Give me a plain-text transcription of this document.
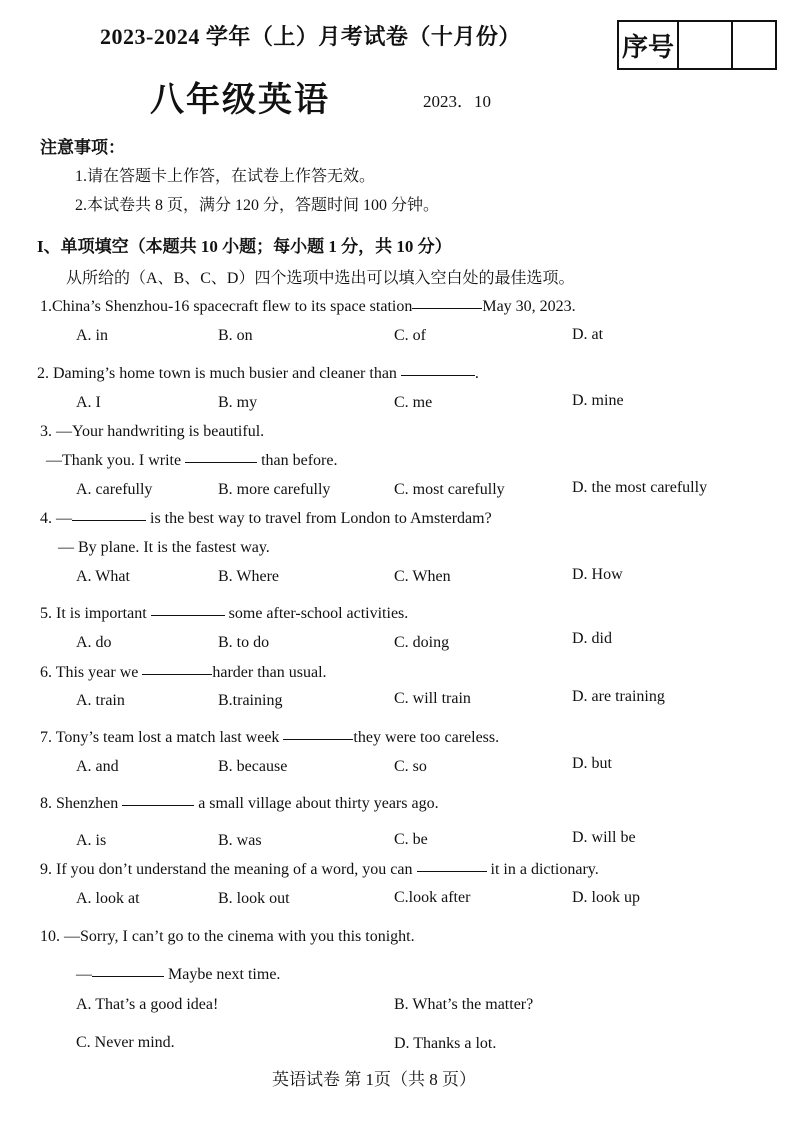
2023-2024 学年（上）月考试卷（十月份）
八年级英语	2023．10
序号
注意事项：
1.请在答题卡上作答，在试卷上作答无效。
2.本试卷共 8 页，满分 120 分，答题时间 100 分钟。
I、单项填空（本题共 10 小题；每小题 1 分，共 10 分）
从所给的（A、B、C、D）四个选项中选出可以填入空白处的最佳选项。
1.China’s Shenzhou-16 spacecraft flew to its space station	May 30, 2023.
A. in	B. on	C. of	D. at
2. Daming’s home town is much busier and cleaner than	.
A. I	B. my	C. me	D. mine
3. —Your handwriting is beautiful.
—Thank you. I write	than before.
A. carefully	B. more carefully	C. most carefully	D. the most carefully
4. —	is the best way to travel from London to Amsterdam?
— By plane. It is the fastest way.
A. What	B. Where	C. When	D. How
5. It is important	some after-school activities.
A. do	B. to do	C. doing	D. did
6. This year we	harder than usual.
A. train	B.training	C. will train	D. are training
7. Tony’s team lost a match last week	they were too careless.
A. and	B. because	C. so	D. but
8. Shenzhen	a small village about thirty years ago.
A. is	B. was	C. be	D. will be
9. If you don’t understand the meaning of a word, you can	it in a dictionary.
A. look at	B. look out	C.look after	D. look up
10. —Sorry, I can’t go to the cinema with you this tonight.
—	Maybe next time.
A. That’s a good idea!	B. What’s the matter?
C. Never mind.	D. Thanks a lot.
英语试卷 第 1页（共 8 页）
